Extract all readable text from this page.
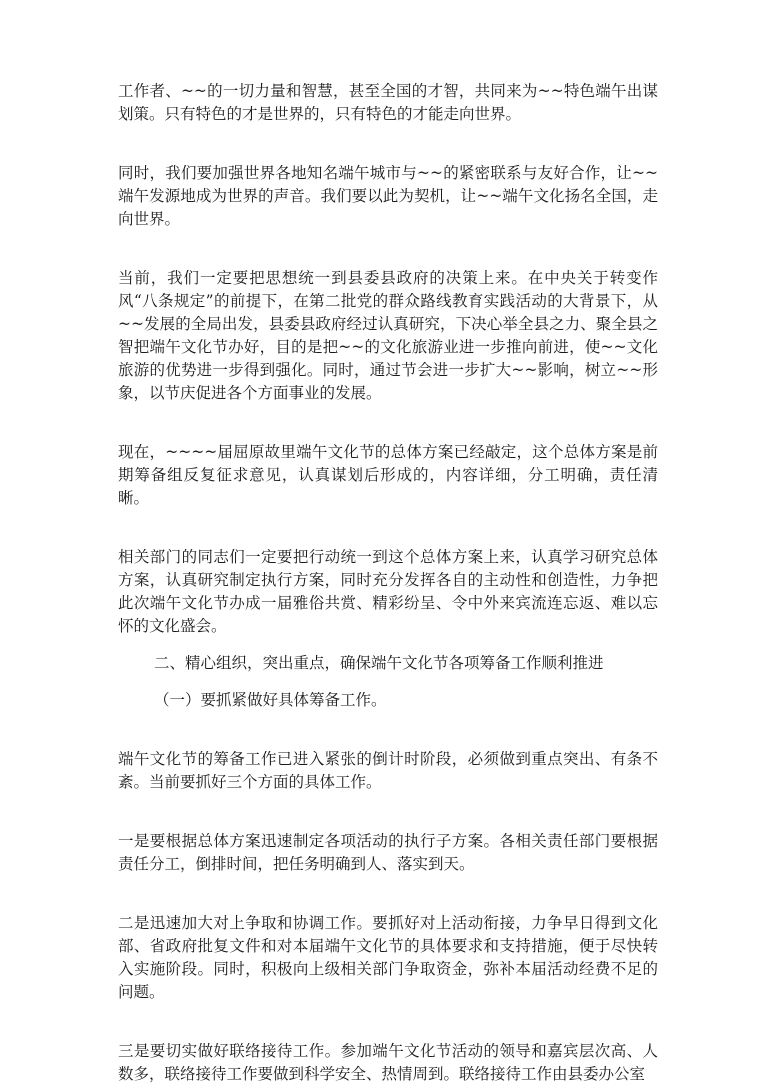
工作者、~~的一切力量和智慧，甚至全国的才智，共同来为~~特色端午出谋划策。只有特色的才是世界的，只有特色的才能走向世界。

同时，我们要加强世界各地知名端午城市与~~的紧密联系与友好合作，让~~端午发源地成为世界的声音。我们要以此为契机，让~~端午文化扬名全国，走向世界。

当前，我们一定要把思想统一到县委县政府的决策上来。在中央关于转变作风“八条规定”的前提下，在第二批党的群众路线教育实践活动的大背景下，从~~发展的全局出发，县委县政府经过认真研究，下决心举全县之力、聚全县之智把端午文化节办好，目的是把~~的文化旅游业进一步推向前进，使~~文化旅游的优势进一步得到强化。同时，通过节会进一步扩大~~影响，树立~~形象，以节庆促进各个方面事业的发展。

现在，~~~~届屈原故里端午文化节的总体方案已经敲定，这个总体方案是前期筹备组反复征求意见，认真谋划后形成的，内容详细，分工明确，责任清晰。

相关部门的同志们一定要把行动统一到这个总体方案上来，认真学习研究总体方案，认真研究制定执行方案，同时充分发挥各自的主动性和创造性，力争把此次端午文化节办成一届雅俗共赏、精彩纷呈、令中外来宾流连忘返、难以忘怀的文化盛会。

二、精心组织，突出重点，确保端午文化节各项筹备工作顺利推进

（一）要抓紧做好具体筹备工作。

端午文化节的筹备工作已进入紧张的倒计时阶段，必须做到重点突出、有条不紊。当前要抓好三个方面的具体工作。

一是要根据总体方案迅速制定各项活动的执行子方案。各相关责任部门要根据责任分工，倒排时间，把任务明确到人、落实到天。

二是迅速加大对上争取和协调工作。要抓好对上活动衔接，力争早日得到文化部、省政府批复文件和对本届端午文化节的具体要求和支持措施，便于尽快转入实施阶段。同时，积极向上级相关部门争取资金，弥补本届活动经费不足的问题。

三是要切实做好联络接待工作。参加端午文化节活动的领导和嘉宾层次高、人数多，联络接待工作要做到科学安全、热情周到。联络接待工作由县委办公室
